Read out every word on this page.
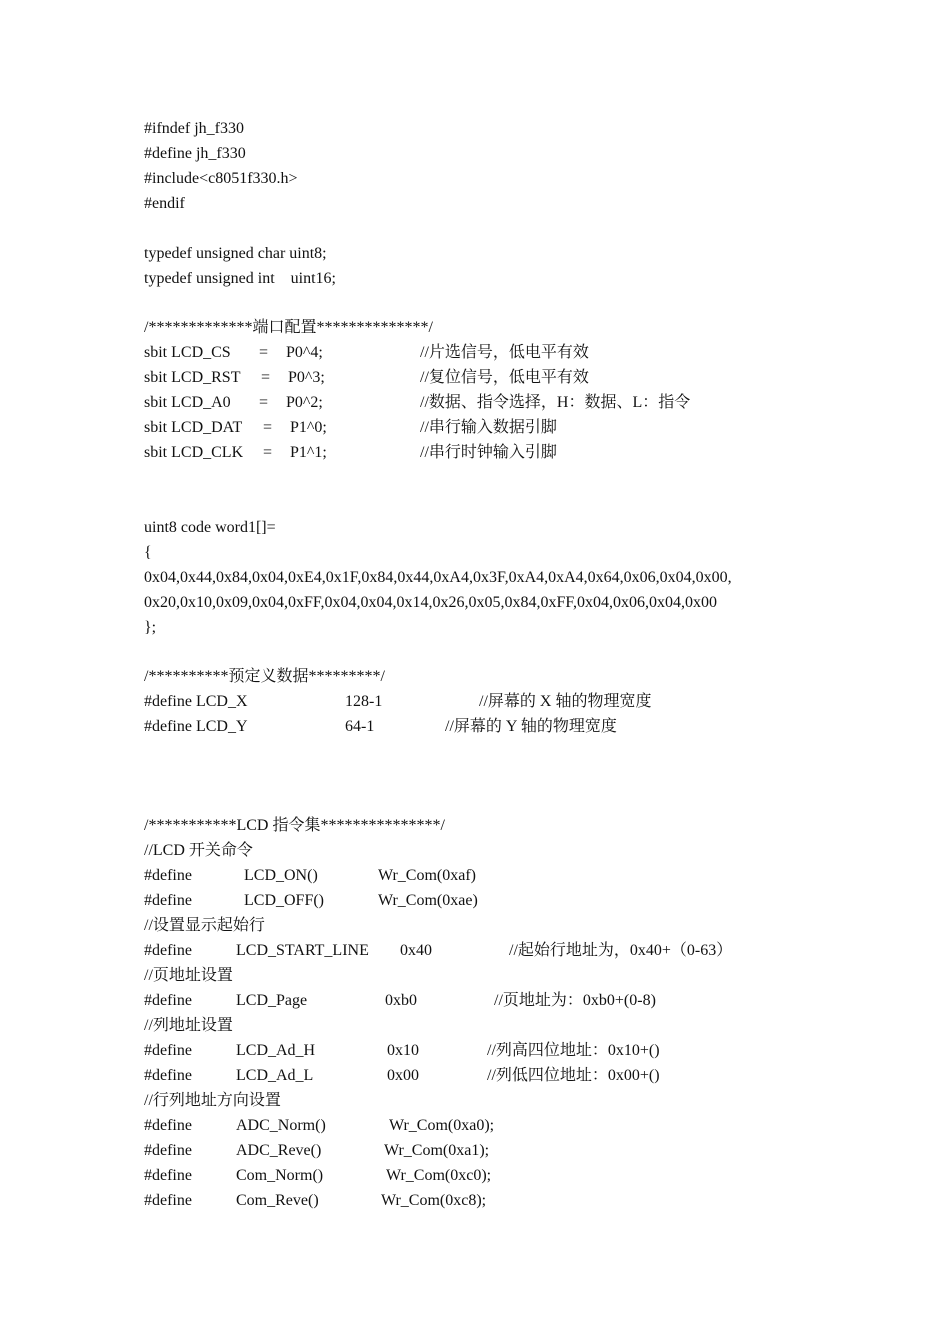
#ifndef jh_f330
#define jh_f330
#include<c8051f330.h>
#endif
typedef unsigned char uint8;
typedef unsigned int    uint16;
/*************端口配置**************/
sbit LCD_CS = P0^4;	//片选信号，低电平有效
sbit LCD_RST = P0^3;	//复位信号，低电平有效
sbit LCD_A0 = P0^2;	//数据、指令选择，H：数据、L：指令
sbit LCD_DAT = P1^0;	//串行输入数据引脚
sbit LCD_CLK = P1^1;	//串行时钟输入引脚
uint8 code word1[]=
{
0x04,0x44,0x84,0x04,0xE4,0x1F,0x84,0x44,0xA4,0x3F,0xA4,0xA4,0x64,0x06,0x04,0x00,
0x20,0x10,0x09,0x04,0xFF,0x04,0x04,0x14,0x26,0x05,0x84,0xFF,0x04,0x06,0x04,0x00
};
/**********预定义数据*********/
#define LCD_X	128-1	//屏幕的 X 轴的物理宽度
#define LCD_Y	64-1	//屏幕的 Y 轴的物理宽度
/***********LCD 指令集***************/
//LCD 开关命令
#define	LCD_ON()	Wr_Com(0xaf)
#define	LCD_OFF()	Wr_Com(0xae)
//设置显示起始行
#define	LCD_START_LINE 0x40	//起始行地址为，0x40+（0-63）
//页地址设置
#define	LCD_Page	0xb0	//页地址为：0xb0+(0-8)
//列地址设置
#define	LCD_Ad_H	0x10	//列高四位地址：0x10+()
#define	LCD_Ad_L	0x00	//列低四位地址：0x00+()
//行列地址方向设置
#define	ADC_Norm()	Wr_Com(0xa0);
#define	ADC_Reve()	Wr_Com(0xa1);
#define	Com_Norm()	Wr_Com(0xc0);
#define	Com_Reve()	Wr_Com(0xc8);
